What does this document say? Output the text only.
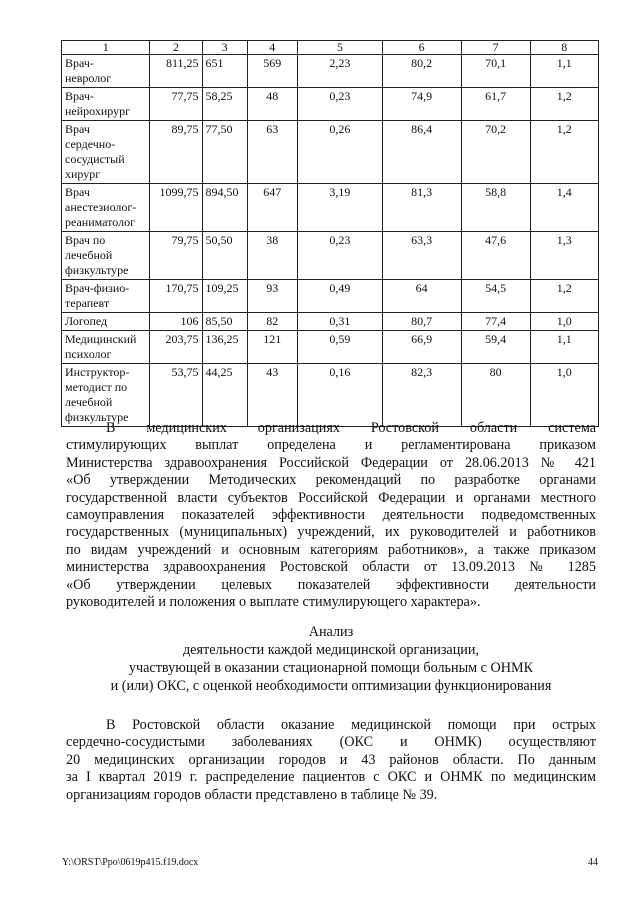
1	2	3	4	5	6	7	8

Врач-
невролог	811,25	651	569	2,23	80,2	70,1	1,1

Врач-
нейрохирург	77,75	58,25	48	0,23	74,9	61,7	1,2

Врач
сердечно-
сосудистый
хирург	89,75	77,50	63	0,26	86,4	70,2	1,2

Врач
анестезиолог-
реаниматолог	1099,75	894,50	647	3,19	81,3	58,8	1,4

Врач по
лечебной
физкультуре	79,75	50,50	38	0,23	63,3	47,6	1,3

Врач-физио-
терапевт	170,75	109,25	93	0,49	64	54,5	1,2

Логопед	106	85,50	82	0,31	80,7	77,4	1,0

Медицинский
психолог	203,75	136,25	121	0,59	66,9	59,4	1,1

Инструктор-
методист по
лечебной
физкультуре	53,75	44,25	43	0,16	82,3	80	1,0
В медицинских организациях Ростовской области система
стимулирующих выплат определена и регламентирована приказом
Министерства здравоохранения Российской Федерации от 28.06.2013 № 421
«Об утверждении Методических рекомендаций по разработке органами
государственной власти субъектов Российской Федерации и органами местного
самоуправления показателей эффективности деятельности подведомственных
государственных (муниципальных) учреждений, их руководителей и работников
по видам учреждений и основным категориям работников», а также приказом
министерства здравоохранения Ростовской области от 13.09.2013 № 1285
«Об утверждении целевых показателей эффективности деятельности
руководителей и положения о выплате стимулирующего характера».
Анализ
деятельности каждой медицинской организации,
участвующей в оказании стационарной помощи больным с ОНМК
и (или) ОКС, с оценкой необходимости оптимизации функционирования
В Ростовской области оказание медицинской помощи при острых
сердечно-сосудистыми заболеваниях (ОКС и ОНМК) осуществляют
20 медицинских организации городов и 43 районов области. По данным
за I квартал 2019 г. распределение пациентов с ОКС и ОНМК по медицинским
организациям городов области представлено в таблице № 39.
Y:\ORST\Ppo\0619p415.f19.docx	44
